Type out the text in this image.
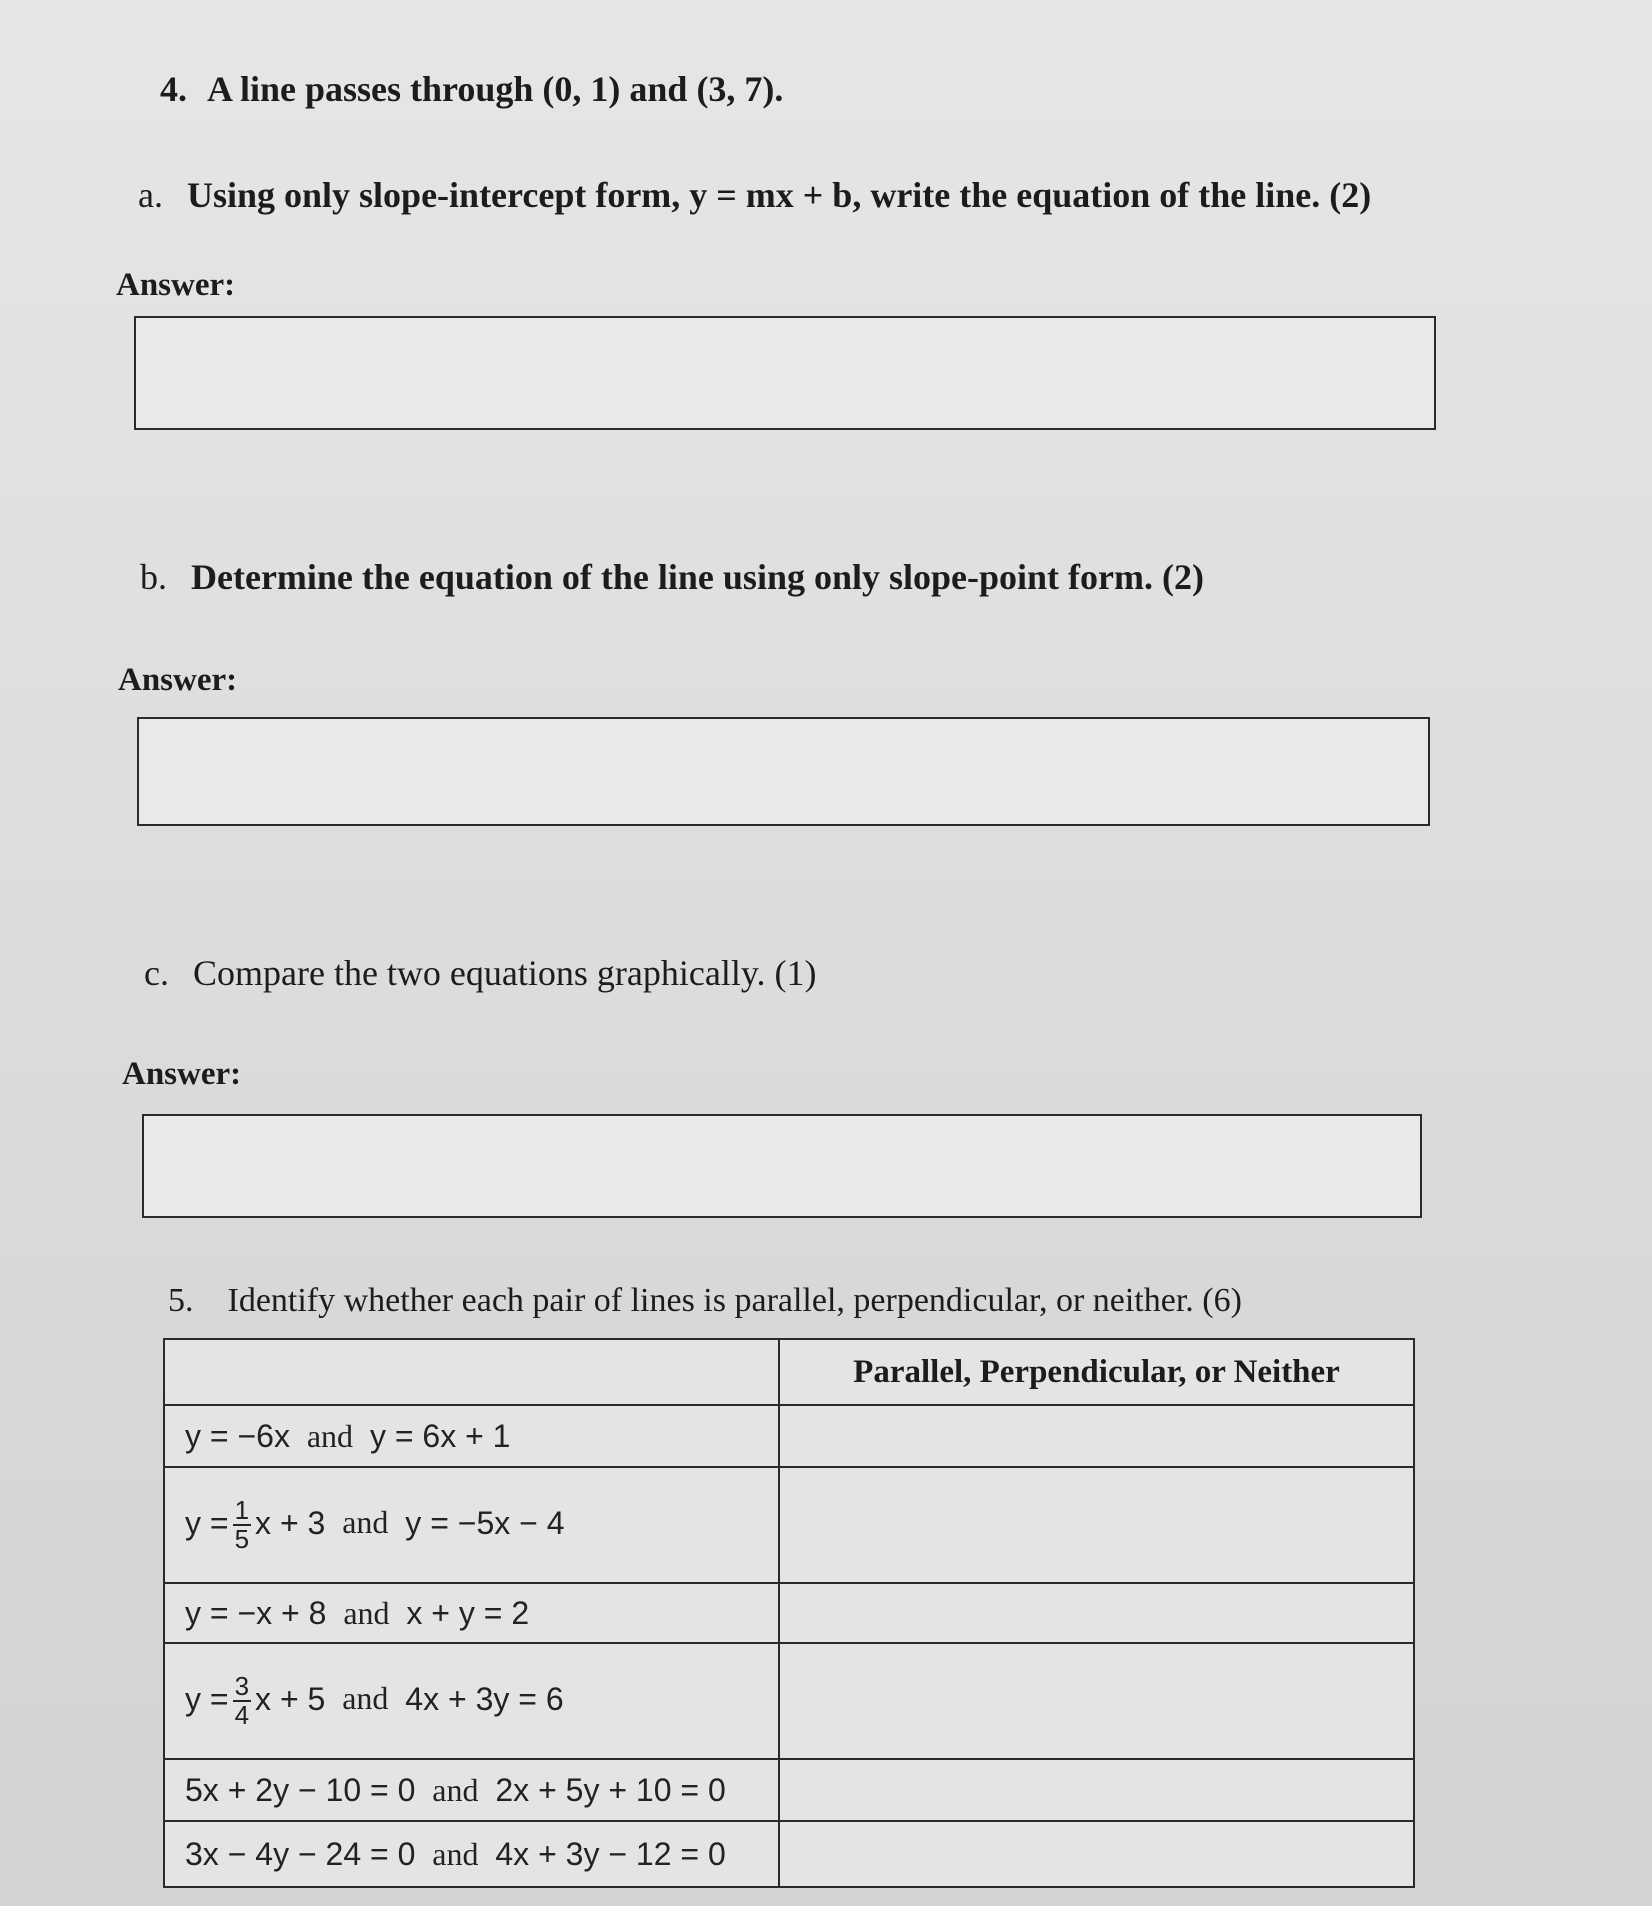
4. A line passes through (0, 1) and (3, 7).
a. Using only slope-intercept form, y = mx + b, write the equation of the line. (2)
Answer:
b. Determine the equation of the line using only slope-point form. (2)
Answer:
c. Compare the two equations graphically. (1)
Answer:
5. Identify whether each pair of lines is parallel, perpendicular, or neither. (6)
	Parallel, Perpendicular, or Neither
y = −6x and y = 6x + 1	
$y = \frac{1}{5}$ x + 3 and y = −5x − 4	
y = −x + 8 and x + y = 2	
$y = \frac{3}{4}$ x + 5 and 4x + 3y = 6	
5x + 2y − 10 = 0 and 2x + 5y + 10 = 0	
3x − 4y − 24 = 0 and 4x + 3y − 12 = 0	
